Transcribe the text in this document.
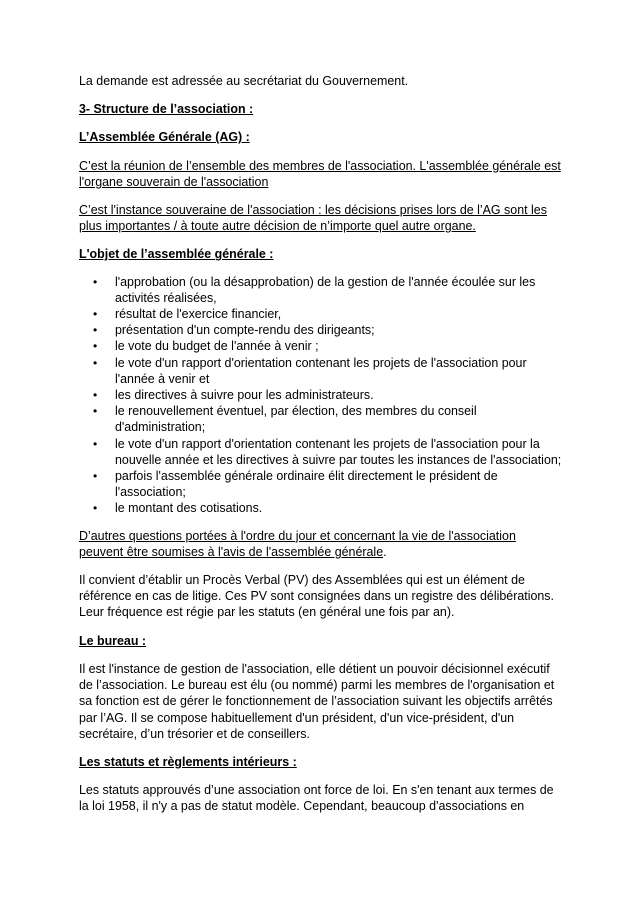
La demande est adressée au secrétariat du Gouvernement.

3- Structure de l’association :

L’Assemblée Générale (AG) :

C’est la réunion de l’ensemble des membres de l'association. L'assemblée générale est l'organe souverain de l'association

C’est l'instance souveraine de l'association : les décisions prises lors de l’AG sont les plus importantes / à toute autre décision de n’importe quel autre organe.

L'objet de l’assemblée générale :

• l'approbation (ou la désapprobation) de la gestion de l'année écoulée sur les activités réalisées,
• résultat de l'exercice financier,
• présentation d'un compte-rendu des dirigeants;
• le vote du budget de l'année à venir ;
• le vote d'un rapport d'orientation contenant les projets de l'association pour l'année à venir et
• les directives à suivre pour les administrateurs.
• le renouvellement éventuel, par élection, des membres du conseil d'administration;
• le vote d'un rapport d'orientation contenant les projets de l'association pour la nouvelle année et les directives à suivre par toutes les instances de l'association;
• parfois l'assemblée générale ordinaire élit directement le président de l'association;
• le montant des cotisations.

D’autres questions portées à l'ordre du jour et concernant la vie de l'association peuvent être soumises à l'avis de l'assemblée générale.

Il convient d’établir un Procès Verbal (PV) des Assemblées qui est un élément de référence en cas de litige. Ces PV sont consignées dans un registre des délibérations. Leur fréquence est régie par les statuts (en général une fois par an).

Le bureau :

Il est l'instance de gestion de l'association, elle détient un pouvoir décisionnel exécutif de l’association. Le bureau est élu (ou nommé) parmi les membres de l'organisation et sa fonction est de gérer le fonctionnement de l’association suivant les objectifs arrêtés par l’AG. Il se compose habituellement d'un président, d'un vice-président, d'un secrétaire, d’un trésorier et de conseillers.

Les statuts et règlements intérieurs :

Les statuts approuvés d’une association ont force de loi. En s'en tenant aux termes de la loi 1958, il n'y a pas de statut modèle. Cependant, beaucoup d'associations en
